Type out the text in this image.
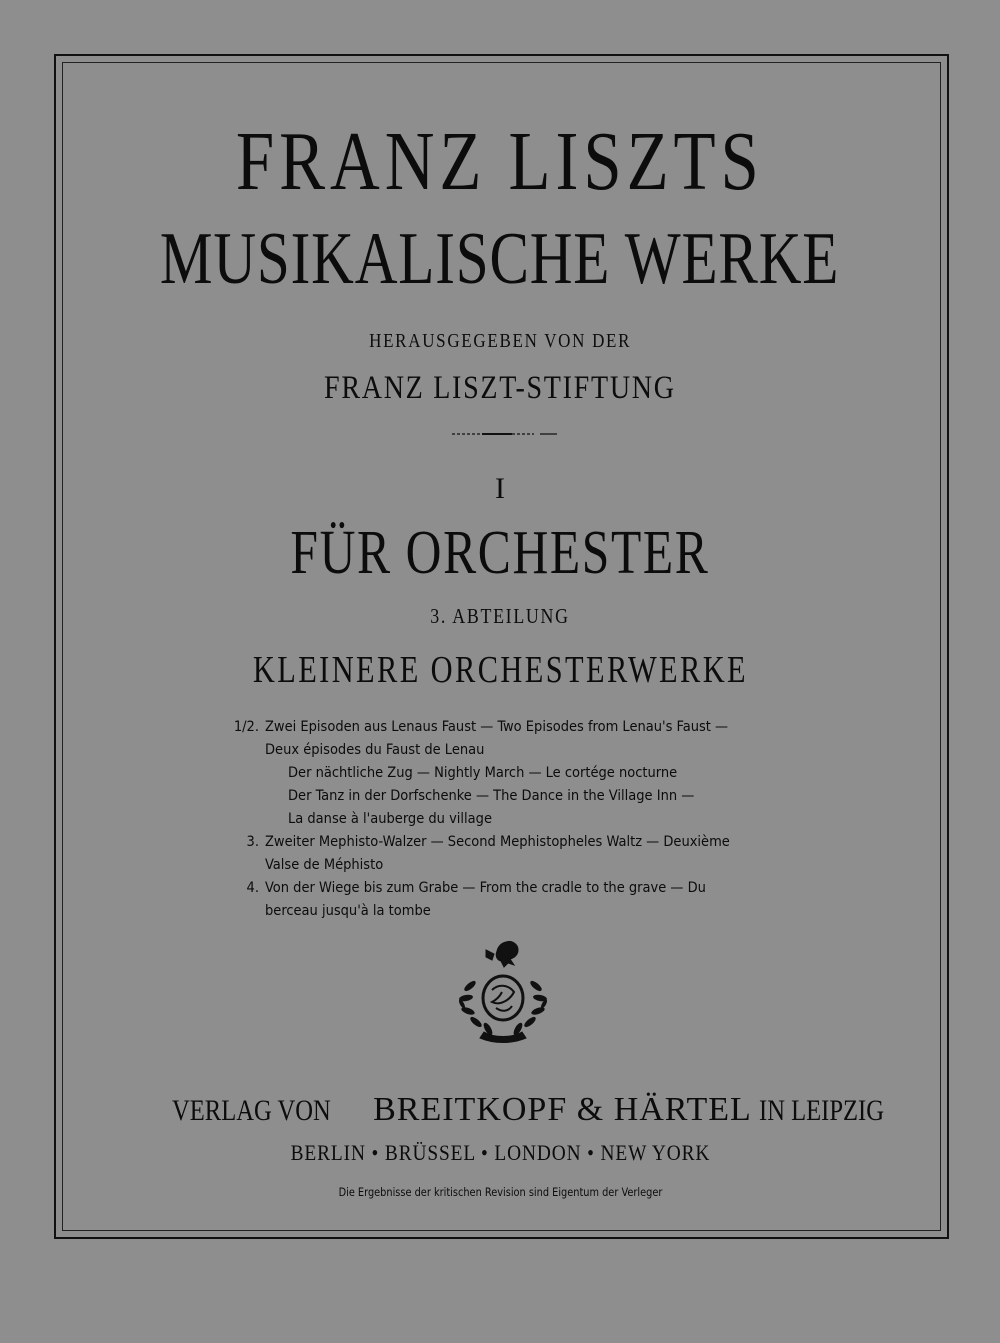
FRANZ LISZTS
MUSIKALISCHE WERKE
HERAUSGEGEBEN VON DER
FRANZ LISZT-STIFTUNG
I
FÜR ORCHESTER
3. ABTEILUNG
KLEINERE ORCHESTERWERKE
1/2. Zwei Episoden aus Lenaus Faust — Two Episodes from Lenau's Faust —
Deux épisodes du Faust de Lenau
Der nächtliche Zug — Nightly March — Le cortége nocturne
Der Tanz in der Dorfschenke — The Dance in the Village Inn —
La danse à l'auberge du village
3. Zweiter Mephisto-Walzer — Second Mephistopheles Waltz — Deuxième
Valse de Méphisto
4. Von der Wiege bis zum Grabe — From the cradle to the grave — Du
berceau jusqu'à la tombe
VERLAG VON BREITKOPF & HÄRTEL IN LEIPZIG
BERLIN • BRÜSSEL • LONDON • NEW YORK
Die Ergebnisse der kritischen Revision sind Eigentum der Verleger
